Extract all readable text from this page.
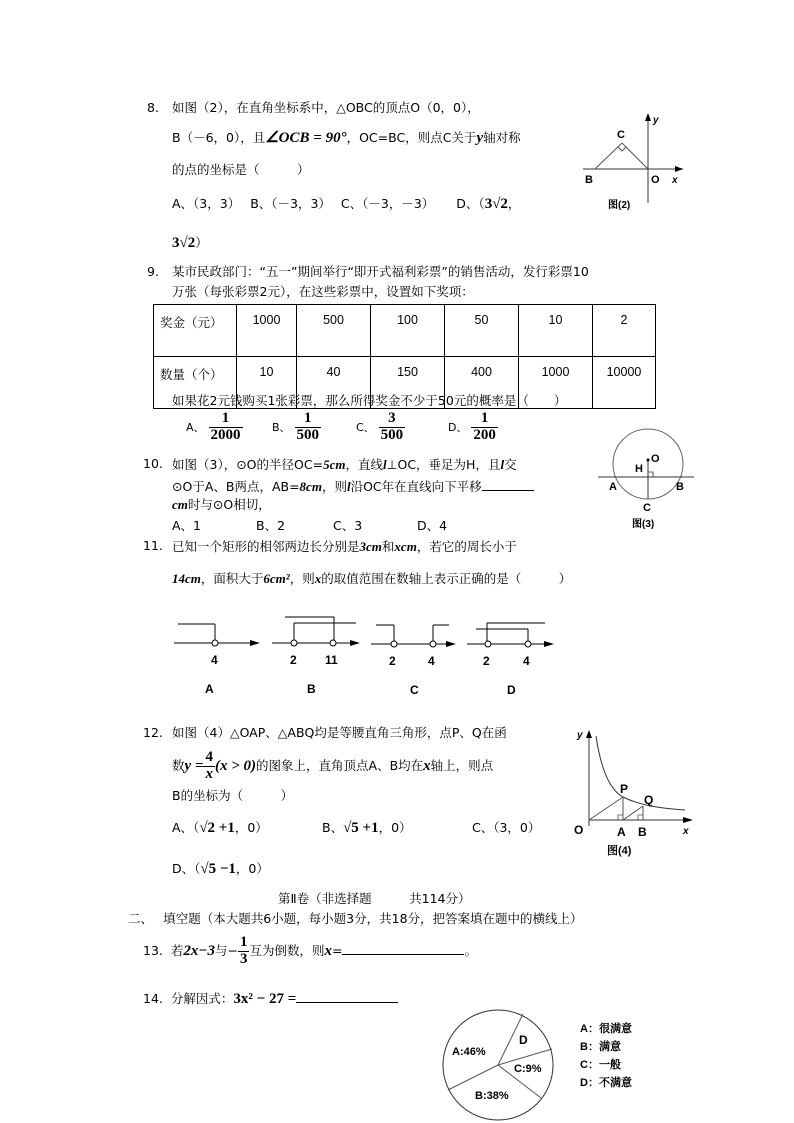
8. 如图（2），在直角坐标系中，△OBC的顶点O（0，0），
B（－6，0），且∠OCB = 90°，OC=BC，则点C关于y轴对称
的点的坐标是（　　　）
A、（3，3） B、（－3，3） C、（－3，－3） D、（3√2，
3√2）
C
B	O x
y
图(2)
9. 某市民政部门：“五一”期间举行“即开式福利彩票”的销售活动，发行彩票10
万张（每张彩票2元），在这些彩票中，设置如下奖项：
奖金（元）	1000	500	100	50	10	2
数量（个）	10	40	150	400	1000	10000
如果花2元钱购买1张彩票，那么所得奖金不少于50元的概率是（　　）
A、 $\frac{1}{2000}$	B、 $\frac{1}{500}$	C、 $\frac{3}{500}$	D、 $\frac{1}{200}$
10. 如图（3），⊙O的半径OC=5cm，直线l⊥OC，垂足为H，且l交
⊙O于A、B两点，AB=8cm，则l沿OC年在直线向下平移
cm时与⊙O相切，
A、1	B、2	C、3	D、4
O
H
A	B
C
图(3)
11. 已知一个矩形的相邻两边长分别是3cm和xcm，若它的周长小于
14cm，面积大于6cm²，则x的取值范围在数轴上表示正确的是（　　　）
4	2 11	2	4	2	4
A	B	C	D
12. 如图（4）△OAP、△ABQ均是等腰直角三角形，点P、Q在函
数$y = \frac{4}{x} (x > 0)$的图象上，直角顶点A、B均在x轴上，则点
B的坐标为（　　　）
A、（√2 +1，0）	B、√5 +1，0）	C、（3，0）
D、（√5 −1，0）
P
Q
O	A B	x
y
图(4)
第Ⅱ卷（非选择题　　　共114分）
二、　 填空题（本大题共6小题，每小题3分，共18分，把答案填在题中的横线上）
13. 若2x−3与− $\frac{1}{3}$ 互为倒数，则x=	。
14. 分解因式：3x² − 27 =
A:46%
B:38%
C:9%
D
A：很满意
B：满意
C：一般
D：不满意
